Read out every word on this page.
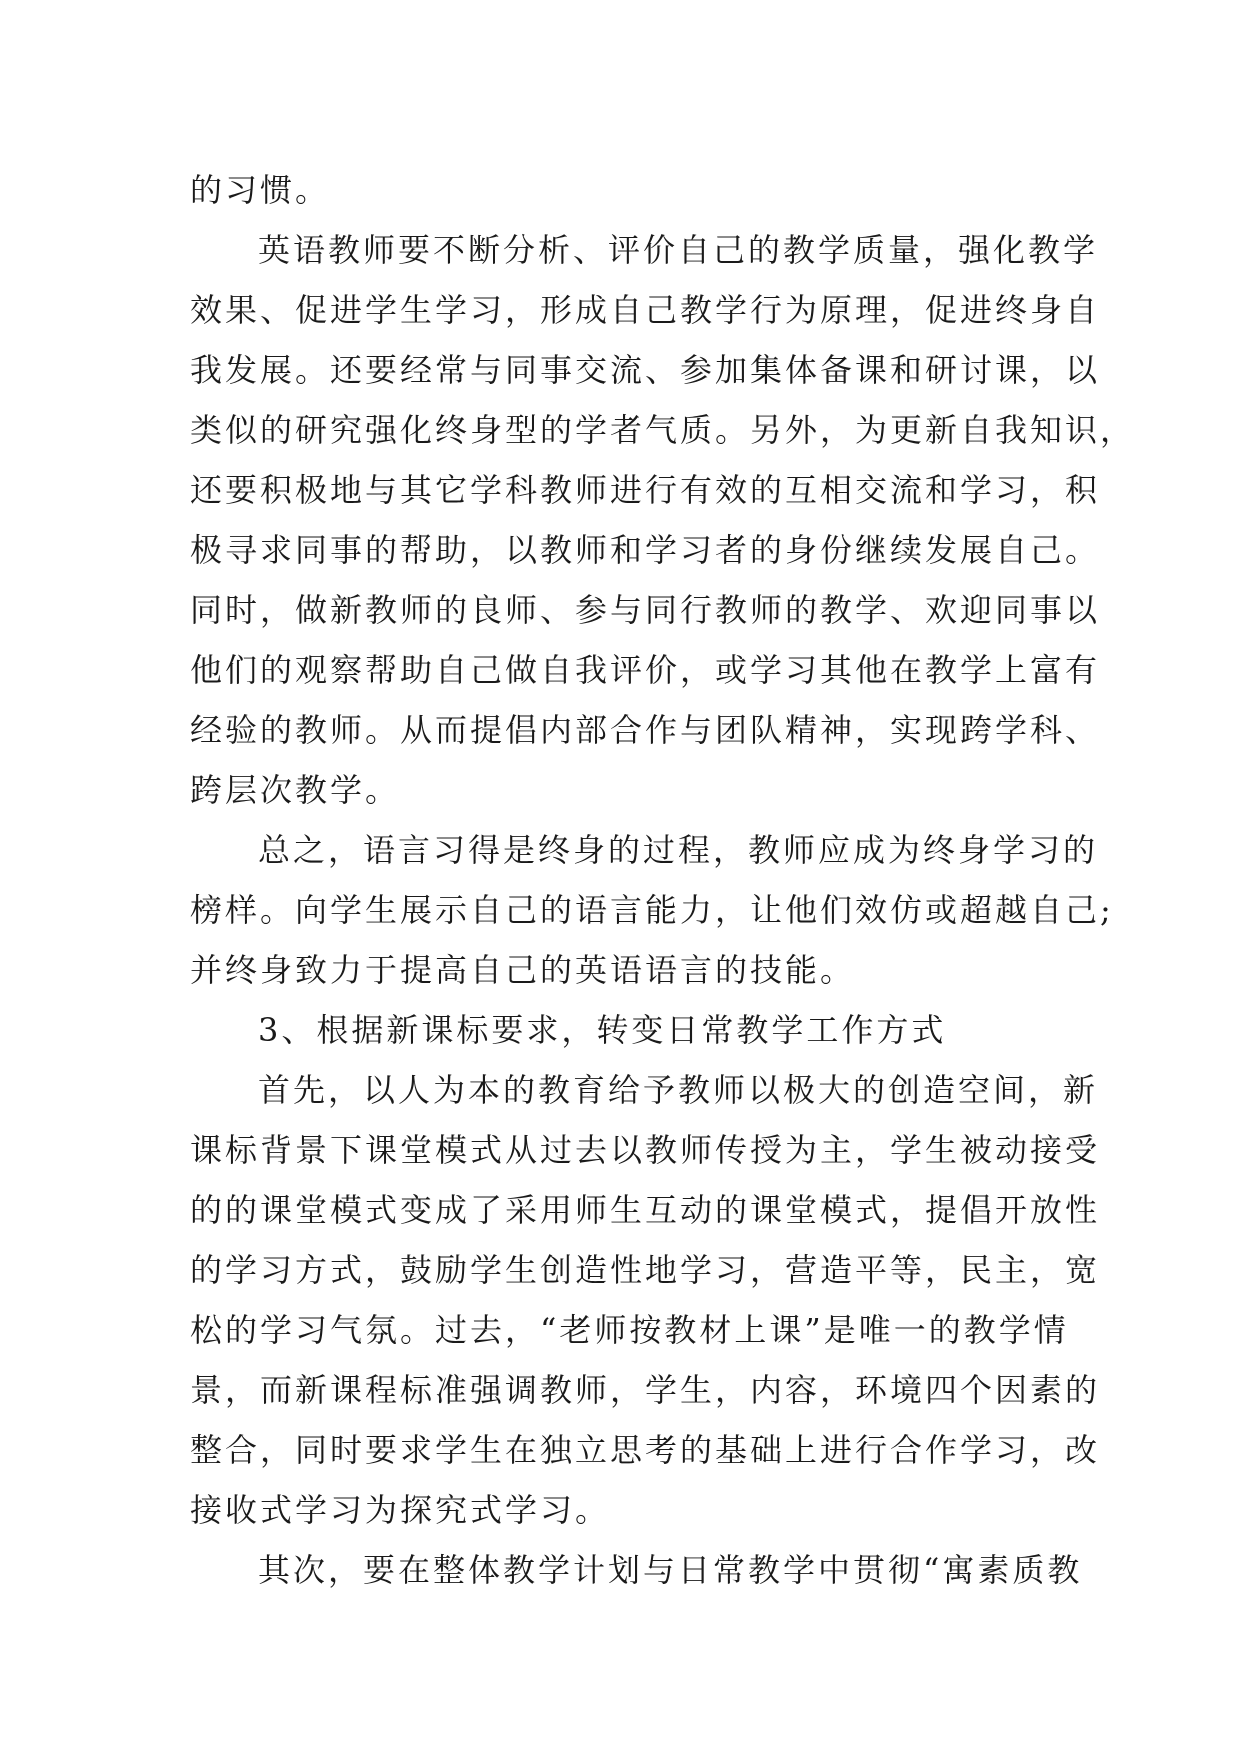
的习惯。
英语教师要不断分析、评价自己的教学质量，强化教学
效果、促进学生学习，形成自己教学行为原理，促进终身自
我发展。还要经常与同事交流、参加集体备课和研讨课，以
类似的研究强化终身型的学者气质。另外，为更新自我知识，
还要积极地与其它学科教师进行有效的互相交流和学习，积
极寻求同事的帮助，以教师和学习者的身份继续发展自己。
同时，做新教师的良师、参与同行教师的教学、欢迎同事以
他们的观察帮助自己做自我评价，或学习其他在教学上富有
经验的教师。从而提倡内部合作与团队精神，实现跨学科、
跨层次教学。
总之，语言习得是终身的过程，教师应成为终身学习的
榜样。向学生展示自己的语言能力，让他们效仿或超越自己;
并终身致力于提高自己的英语语言的技能。
3、根据新课标要求，转变日常教学工作方式
首先，以人为本的教育给予教师以极大的创造空间，新
课标背景下课堂模式从过去以教师传授为主，学生被动接受
的的课堂模式变成了采用师生互动的课堂模式，提倡开放性
的学习方式，鼓励学生创造性地学习，营造平等，民主，宽
松的学习气氛。过去，“老师按教材上课”是唯一的教学情
景，而新课程标准强调教师，学生，内容，环境四个因素的
整合，同时要求学生在独立思考的基础上进行合作学习，改
接收式学习为探究式学习。
其次，要在整体教学计划与日常教学中贯彻“寓素质教
